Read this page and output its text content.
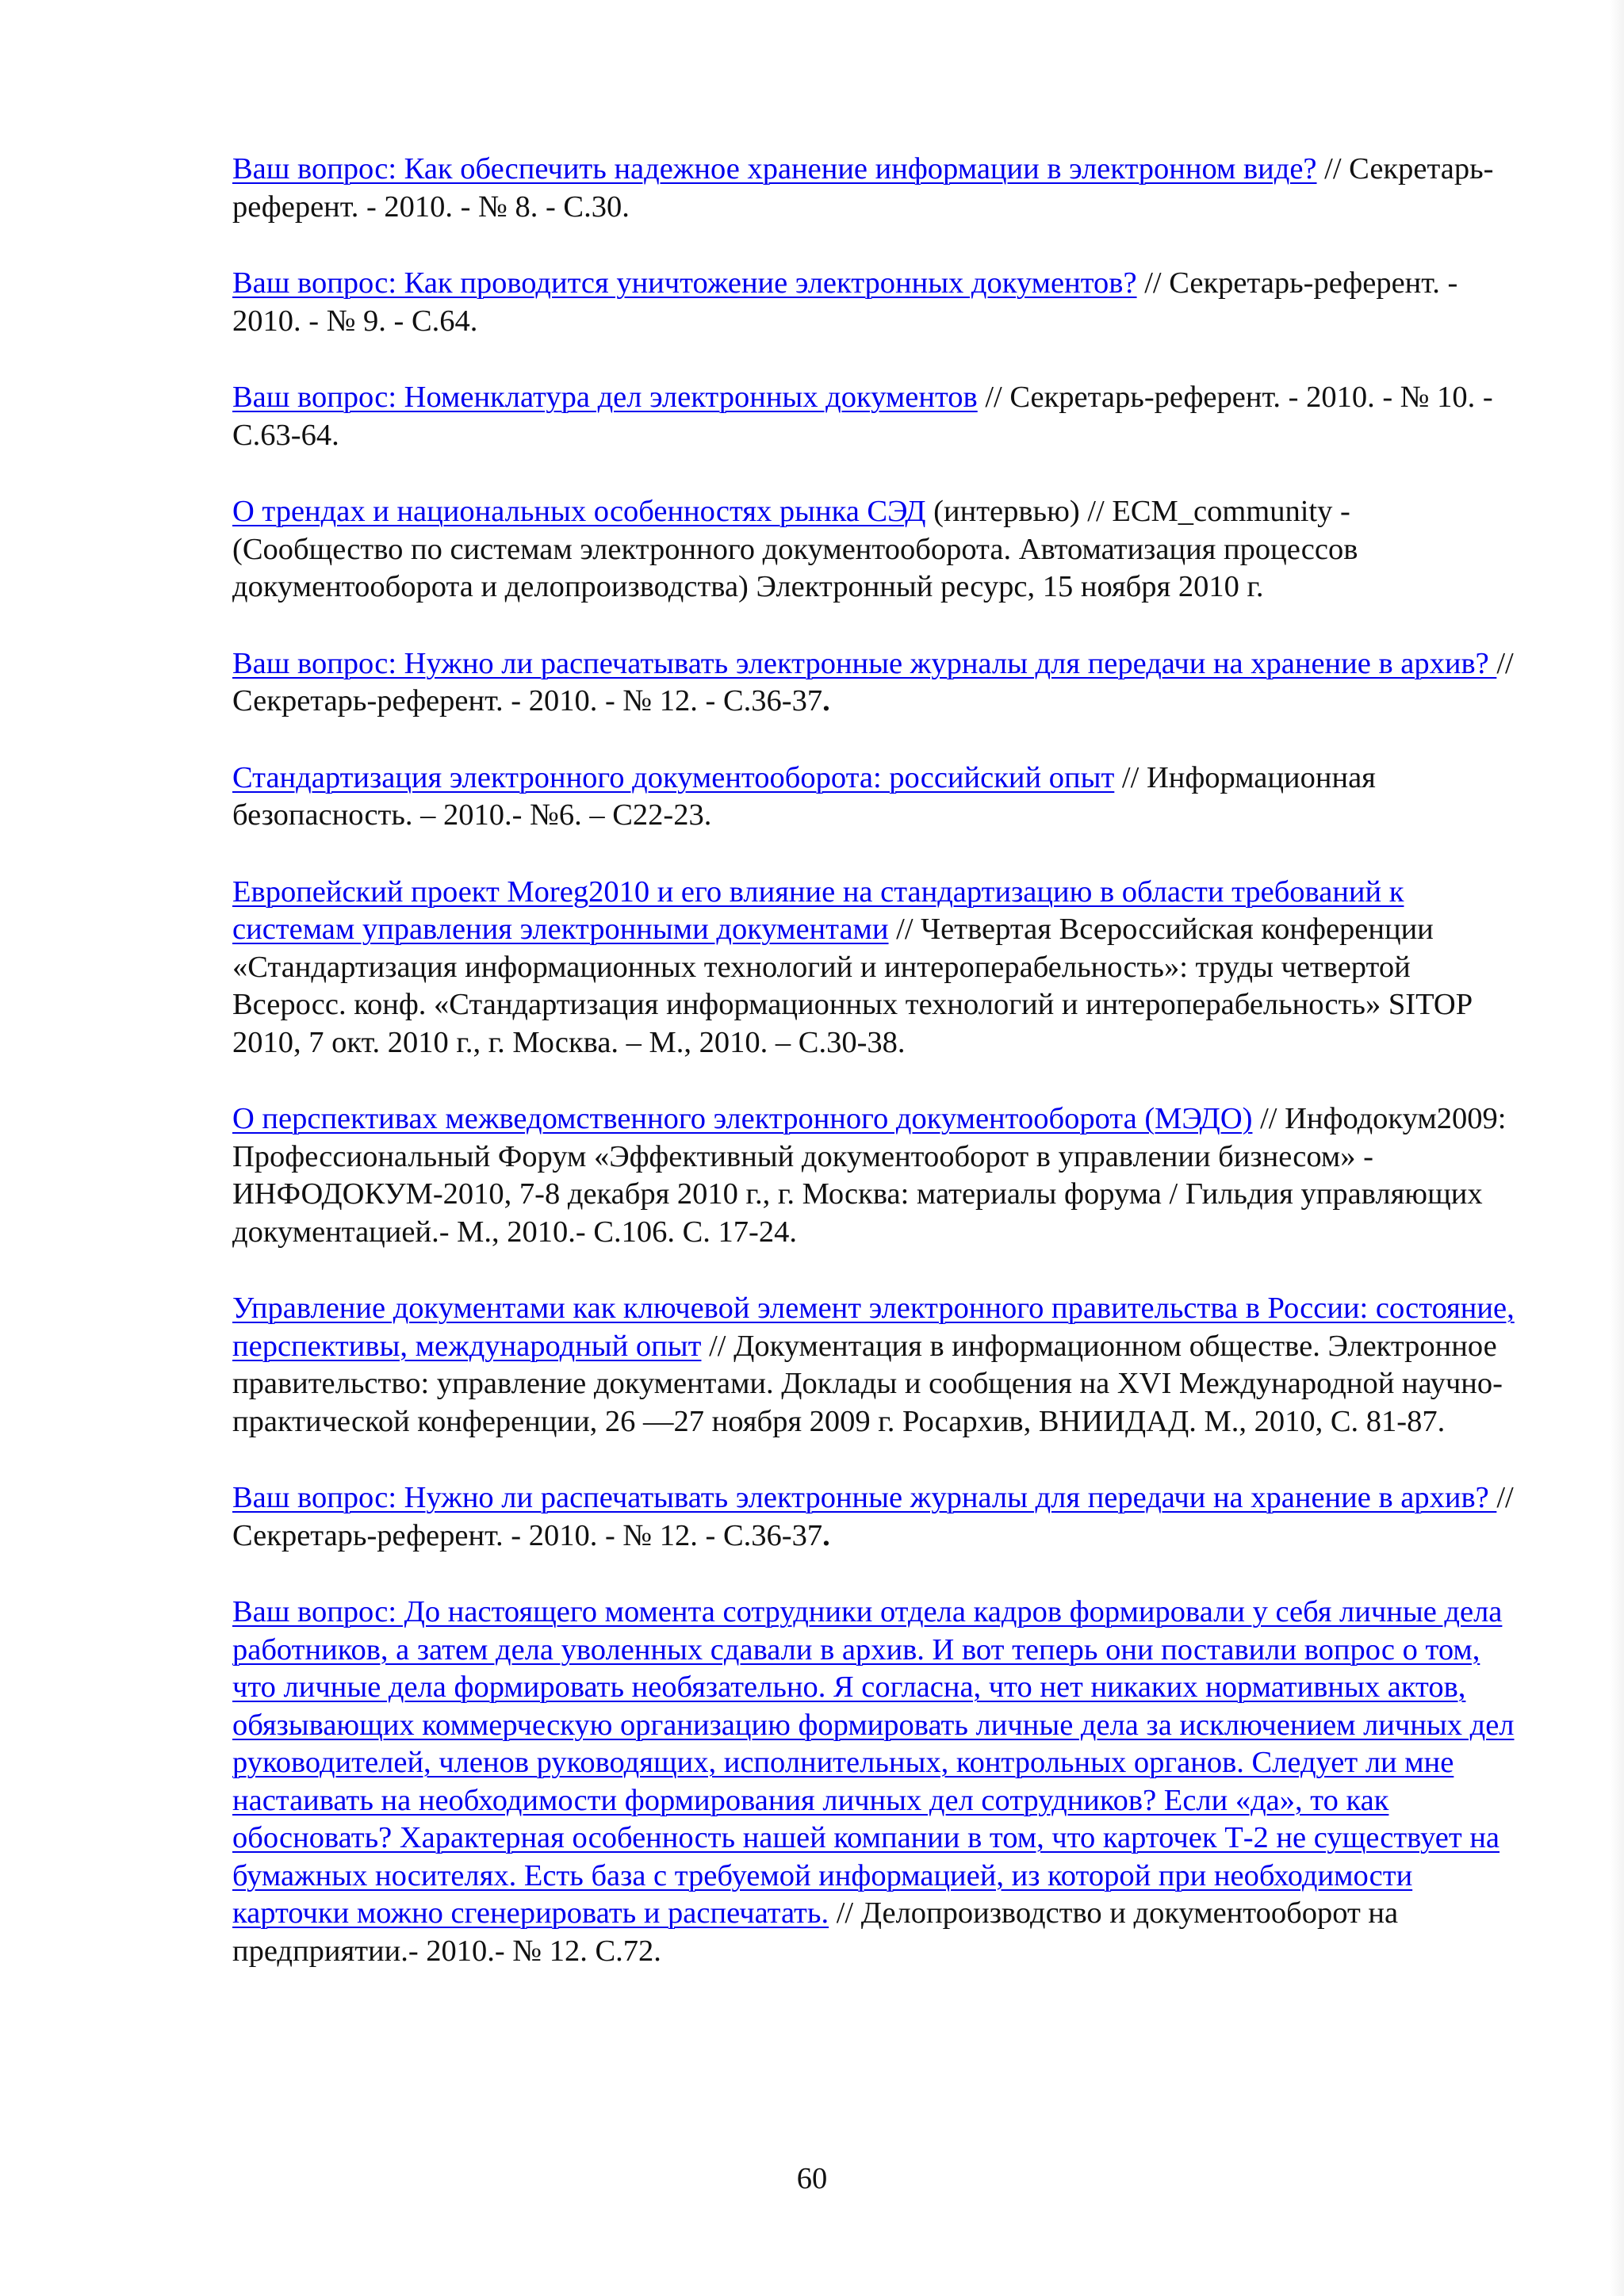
Ваш вопрос: Как обеспечить надежное хранение информации в электронном виде? // Секретарь-референт. - 2010. - № 8. - С.30.

Ваш вопрос: Как проводится уничтожение электронных документов? // Секретарь-референт. - 2010. - № 9. - С.64.

Ваш вопрос: Номенклатура дел электронных документов // Секретарь-референт. - 2010. - № 10. - С.63-64.

О трендах и национальных особенностях рынка СЭД (интервью) // ECM_community - (Сообщество по системам электронного документооборота. Автоматизация процессов документооборота и делопроизводства) Электронный ресурс, 15 ноября 2010 г.

Ваш вопрос: Нужно ли распечатывать электронные журналы для передачи на хранение в архив? // Секретарь-референт. - 2010. - № 12. - С.36-37.

Стандартизация электронного документооборота: российский опыт // Информационная безопасность. – 2010.- №6. – С22-23.

Европейский проект Moreg2010 и его влияние на стандартизацию в области требований к системам управления электронными документами // Четвертая Всероссийская конференции «Стандартизация информационных технологий и интероперабельность»: труды четвертой Всеросс. конф. «Стандартизация информационных технологий и интероперабельность» SITOP 2010, 7 окт. 2010 г., г. Москва. – М., 2010. – С.30-38.

О перспективах межведомственного электронного документооборота (МЭДО) // Инфодокум2009: Профессиональный Форум «Эффективный документооборот в управлении бизнесом» - ИНФОДОКУМ-2010, 7-8 декабря 2010 г., г. Москва: материалы форума / Гильдия управляющих документацией.- М., 2010.- С.106. С. 17-24.

Управление документами как ключевой элемент электронного правительства в России: состояние, перспективы, международный опыт // Документация в информационном обществе. Электронное правительство: управление документами. Доклады и сообщения на XVI Международной научно-практической конференции, 26 —27 ноября 2009 г. Росархив, ВНИИДАД. М., 2010, С. 81-87.

Ваш вопрос: Нужно ли распечатывать электронные журналы для передачи на хранение в архив? // Секретарь-референт. - 2010. - № 12. - С.36-37.

Ваш вопрос: До настоящего момента сотрудники отдела кадров формировали у себя личные дела работников, а затем дела уволенных сдавали в архив. И вот теперь они поставили вопрос о том, что личные дела формировать необязательно. Я согласна, что нет никаких нормативных актов, обязывающих коммерческую организацию формировать личные дела за исключением личных дел руководителей, членов руководящих, исполнительных, контрольных органов. Следует ли мне настаивать на необходимости формирования личных дел сотрудников? Если «да», то как обосновать? Характерная особенность нашей компании в том, что карточек Т-2 не существует на бумажных носителях. Есть база с требуемой информацией, из которой при необходимости карточки можно сгенерировать и распечатать. // Делопроизводство и документооборот на предприятии.- 2010.- № 12. С.72.

60
